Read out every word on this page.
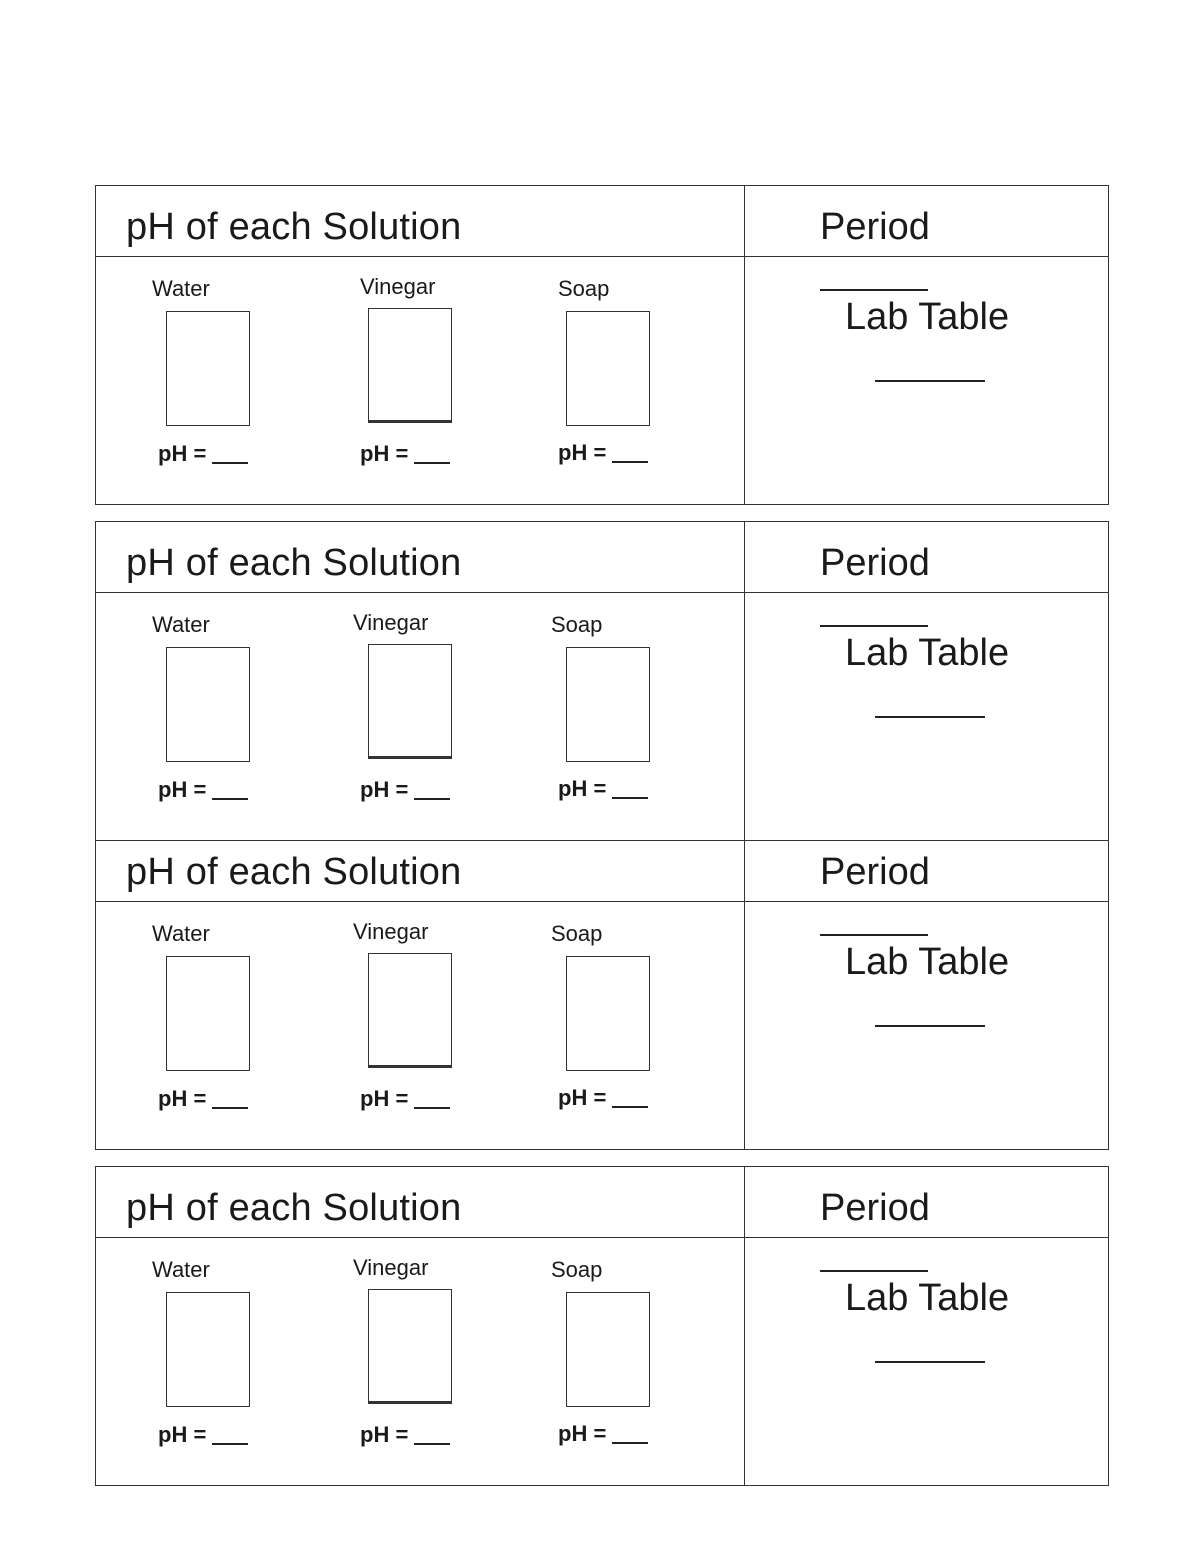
pH of each Solution	Period
Water
pH =
Vinegar
pH =
Soap
pH =
Lab Table
pH of each Solution	Period
Water
pH =
Vinegar
pH =
Soap
pH =
Lab Table
pH of each Solution	Period
Water
pH =
Vinegar
pH =
Soap
pH =
Lab Table
pH of each Solution	Period
Water
pH =
Vinegar
pH =
Soap
pH =
Lab Table
